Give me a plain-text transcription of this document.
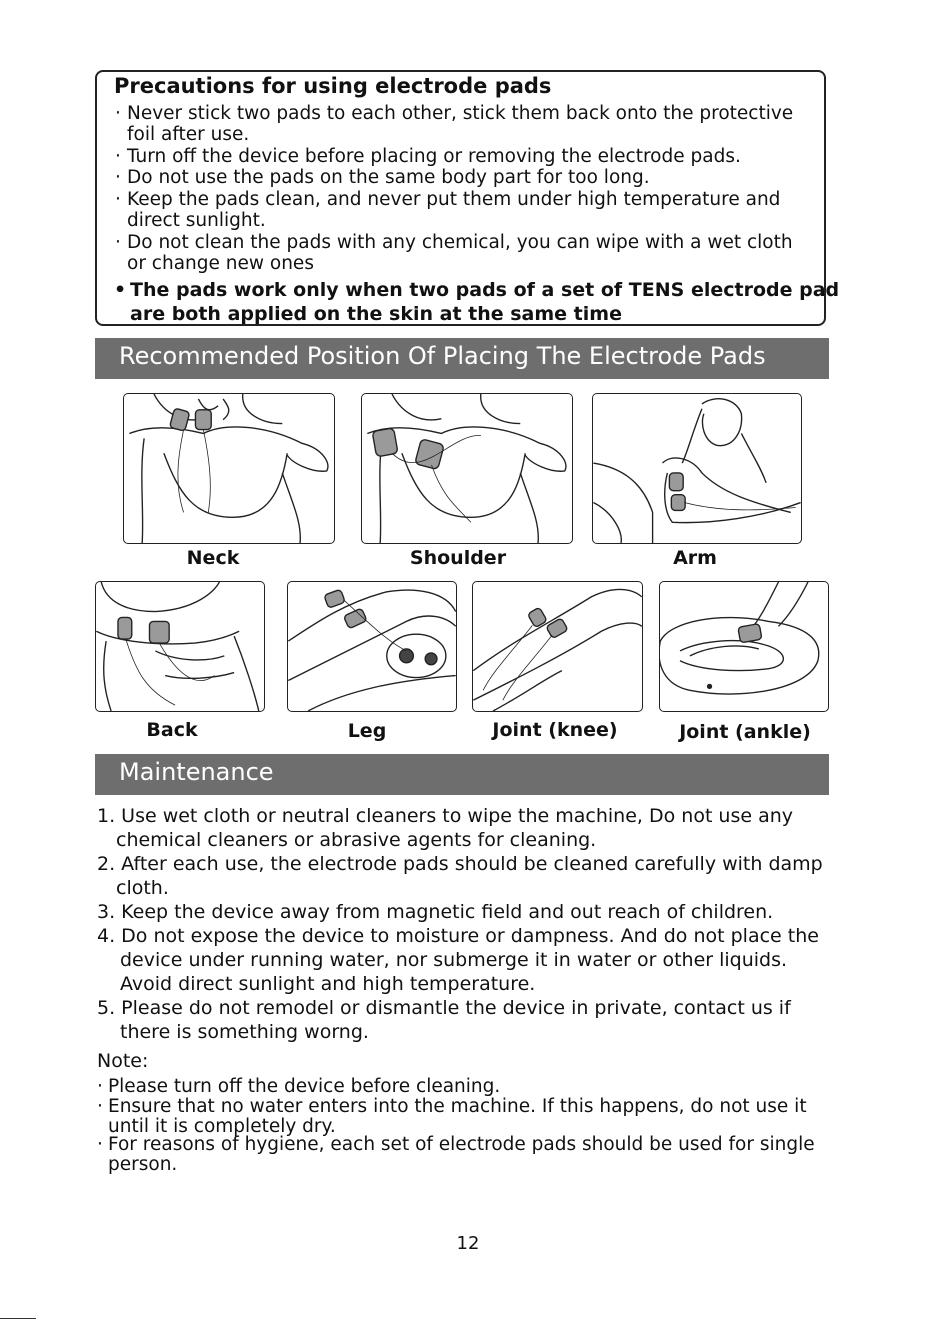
Precautions for using electrode pads
· Never stick two pads to each other, stick them back onto the protective
foil after use.
· Turn off the device before placing or removing the electrode pads.
· Do not use the pads on the same body part for too long.
· Keep the pads clean, and never put them under high temperature and
direct sunlight.
· Do not clean the pads with any chemical, you can wipe with a wet cloth
or change new ones
• The pads work only when two pads of a set of TENS electrode pad
are both applied on the skin at the same time
Recommended Position Of Placing The Electrode Pads
Neck	Shoulder	Arm
Back	Leg	Joint (knee)	Joint (ankle)
Maintenance
1. Use wet cloth or neutral cleaners to wipe the machine, Do not use any
chemical cleaners or abrasive agents for cleaning.
2. After each use, the electrode pads should be cleaned carefully with damp
cloth.
3. Keep the device away from magnetic field and out reach of children.
4. Do not expose the device to moisture or dampness. And do not place the
device under running water, nor submerge it in water or other liquids.
Avoid direct sunlight and high temperature.
5. Please do not remodel or dismantle the device in private, contact us if
there is something worng.
Note:
· Please turn off the device before cleaning.
· Ensure that no water enters into the machine. If this happens, do not use it
until it is completely dry.
· For reasons of hygiene, each set of electrode pads should be used for single
person.
12
